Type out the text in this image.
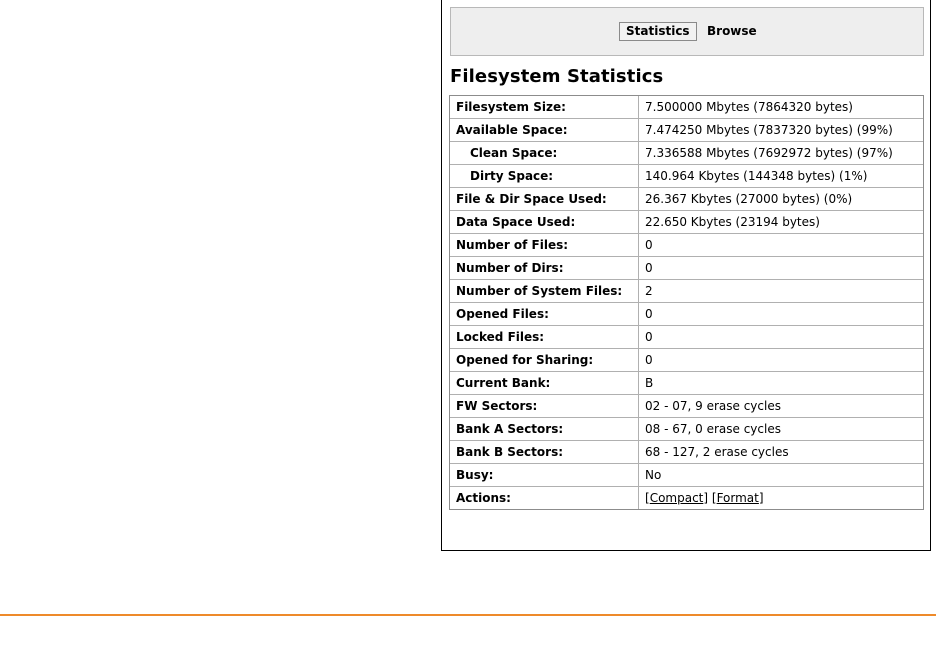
Statistics	Browse
Filesystem Statistics
Filesystem Size:	7.500000 Mbytes (7864320 bytes)
Available Space:	7.474250 Mbytes (7837320 bytes) (99%)
Clean Space:	7.336588 Mbytes (7692972 bytes) (97%)
Dirty Space:	140.964 Kbytes (144348 bytes) (1%)
File & Dir Space Used:	26.367 Kbytes (27000 bytes) (0%)
Data Space Used:	22.650 Kbytes (23194 bytes)
Number of Files:	0
Number of Dirs:	0
Number of System Files:	2
Opened Files:	0
Locked Files:	0
Opened for Sharing:	0
Current Bank:	B
FW Sectors:	02 - 07, 9 erase cycles
Bank A Sectors:	08 - 67, 0 erase cycles
Bank B Sectors:	68 - 127, 2 erase cycles
Busy:	No
Actions:	[Compact] [Format]
